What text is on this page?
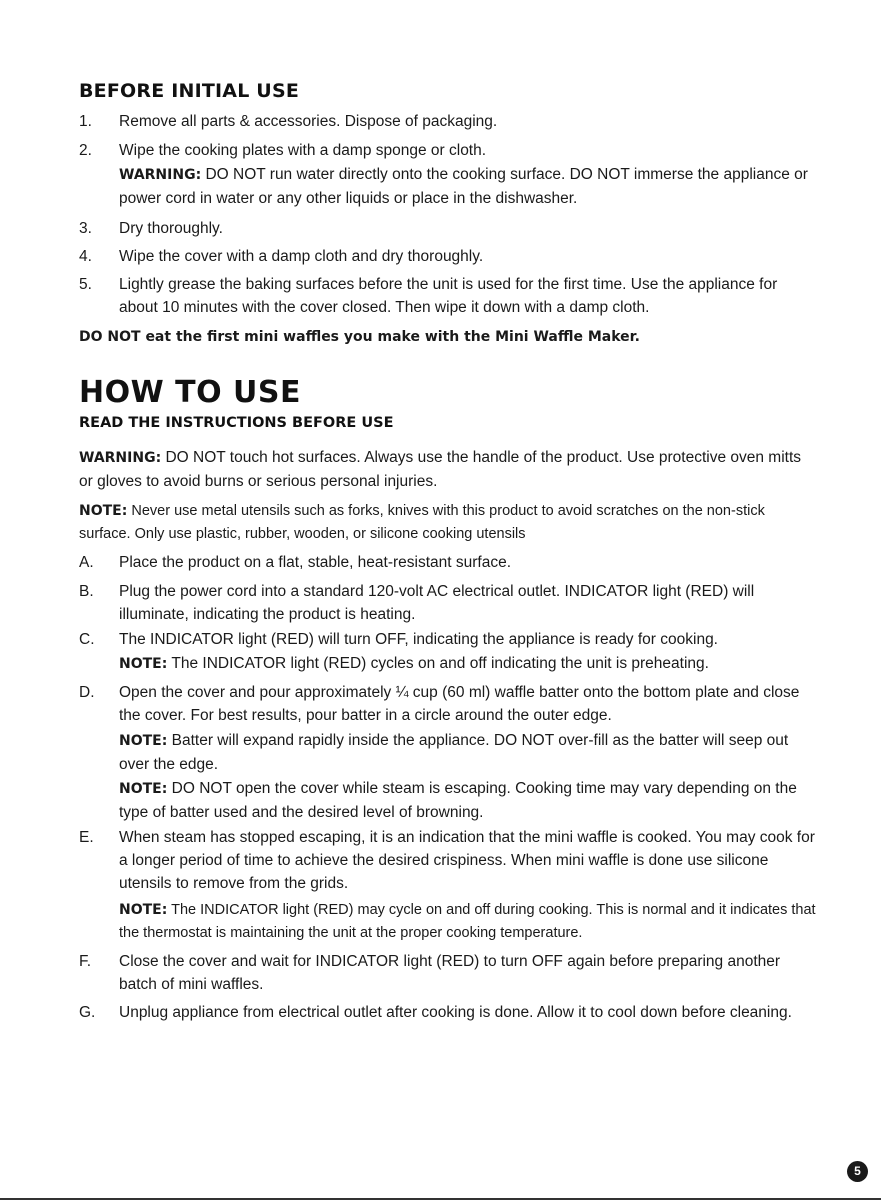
BEFORE INITIAL USE
1.	Remove all parts & accessories. Dispose of packaging.
2.	Wipe the cooking plates with a damp sponge or cloth.
WARNING: DO NOT run water directly onto the cooking surface. DO NOT immerse the appliance or power cord in water or any other liquids or place in the dishwasher.
3.	Dry thoroughly.
4.	Wipe the cover with a damp cloth and dry thoroughly.
5.	Lightly grease the baking surfaces before the unit is used for the first time. Use the appliance for about 10 minutes with the cover closed. Then wipe it down with a damp cloth.

DO NOT eat the first mini waffles you make with the Mini Waffle Maker.

HOW TO USE
READ THE INSTRUCTIONS BEFORE USE

WARNING: DO NOT touch hot surfaces. Always use the handle of the product. Use protective oven mitts or gloves to avoid burns or serious personal injuries.

NOTE: Never use metal utensils such as forks, knives with this product to avoid scratches on the non-stick surface. Only use plastic, rubber, wooden, or silicone cooking utensils

A.	Place the product on a flat, stable, heat-resistant surface.
B.	Plug the power cord into a standard 120-volt AC electrical outlet. INDICATOR light (RED) will illuminate, indicating the product is heating.
C.	The INDICATOR light (RED) will turn OFF, indicating the appliance is ready for cooking.
NOTE: The INDICATOR light (RED) cycles on and off indicating the unit is preheating.
D.	Open the cover and pour approximately ¼ cup (60 ml) waffle batter onto the bottom plate and close the cover. For best results, pour batter in a circle around the outer edge.
NOTE: Batter will expand rapidly inside the appliance. DO NOT over-fill as the batter will seep out over the edge.
NOTE: DO NOT open the cover while steam is escaping. Cooking time may vary depending on the type of batter used and the desired level of browning.
E.	When steam has stopped escaping, it is an indication that the mini waffle is cooked. You may cook for a longer period of time to achieve the desired crispiness. When mini waffle is done use silicone utensils to remove from the grids.
NOTE: The INDICATOR light (RED) may cycle on and off during cooking. This is normal and it indicates that the thermostat is maintaining the unit at the proper cooking temperature.
F.	Close the cover and wait for INDICATOR light (RED) to turn OFF again before preparing another batch of mini waffles.
G.	Unplug appliance from electrical outlet after cooking is done. Allow it to cool down before cleaning.
5
